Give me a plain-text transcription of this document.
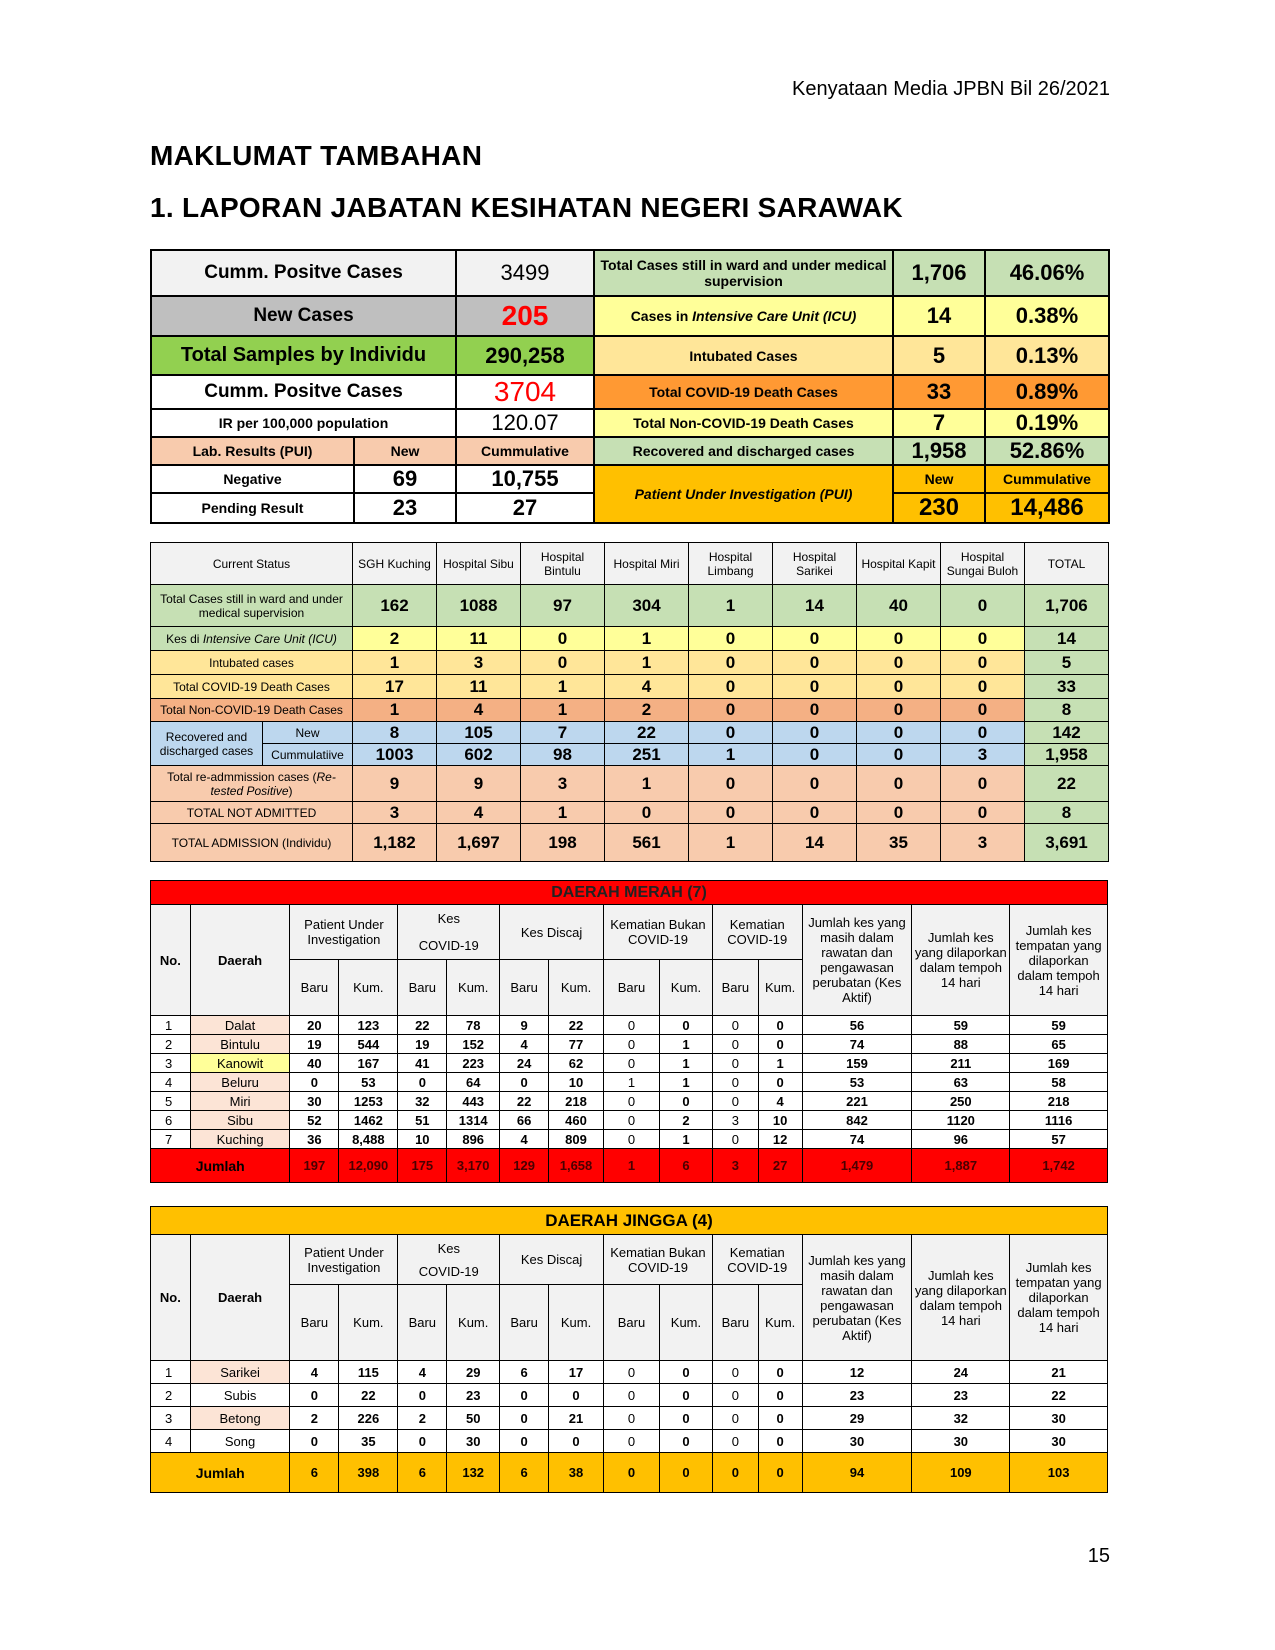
Kenyataan Media JPBN Bil 26/2021
MAKLUMAT TAMBAHAN
1. LAPORAN JABATAN KESIHATAN NEGERI SARAWAK
Cumm. Positve Cases		3499	Total Cases still in ward and under medical supervision	1,706	46.06%
New Cases		205	Cases in Intensive Care Unit (ICU)	14	0.38%
Total Samples by Individu		290,258	Intubated Cases	5	0.13%
Cumm. Positve Cases		3704	Total COVID-19 Death Cases	33	0.89%
IR per 100,000 population		120.07	Total Non-COVID-19 Death Cases	7	0.19%
Lab. Results (PUI)	New	Cummulative	Recovered and discharged cases	1,958	52.86%
Negative	69	10,755	Patient Under Investigation (PUI)	New	Cummulative
Pending Result	23	27		230	14,486
Current Status		SGH Kuching	Hospital Sibu	Hospital Bintulu	Hospital Miri	Hospital Limbang	Hospital Sarikei	Hospital Kapit	Hospital Sungai Buloh	TOTAL
Total Cases still in ward and under medical supervision		162	1088	97	304	1	14	40	0	1,706
Kes di Intensive Care Unit (ICU)		2	11	0	1	0	0	0	0	14
Intubated cases		1	3	0	1	0	0	0	0	5
Total COVID-19 Death Cases		17	11	1	4	0	0	0	0	33
Total Non-COVID-19 Death Cases		1	4	1	2	0	0	0	0	8
Recovered and discharged cases	New	8	105	7	22	0	0	0	0	142
	Cummulatiive	1003	602	98	251	1	0	0	3	1,958
Total re-admmission cases (Re-tested Positive)		9	9	3	1	0	0	0	0	22
TOTAL NOT ADMITTED		3	4	1	0	0	0	0	0	8
TOTAL ADMISSION (Individu)		1,182	1,697	198	561	1	14	35	3	3,691
DAERAH MERAH (7)														
No.	Daerah	Patient Under Investigation		Kes
COVID-19		Kes Discaj		Kematian Bukan COVID-19		Kematian COVID-19		Jumlah kes yang masih dalam rawatan dan pengawasan perubatan (Kes Aktif)	Jumlah kes yang dilaporkan dalam tempoh 14 hari	Jumlah kes tempatan yang dilaporkan dalam tempoh 14 hari
		Baru	Kum.	Baru	Kum.	Baru	Kum.	Baru	Kum.	Baru	Kum.			
1	Dalat	20	123	22	78	9	22	0	0	0	0	56	59	59
2	Bintulu	19	544	19	152	4	77	0	1	0	0	74	88	65
3	Kanowit	40	167	41	223	24	62	0	1	0	1	159	211	169
4	Beluru	0	53	0	64	0	10	1	1	0	0	53	63	58
5	Miri	30	1253	32	443	22	218	0	0	0	4	221	250	218
6	Sibu	52	1462	51	1314	66	460	0	2	3	10	842	1120	1116
7	Kuching	36	8,488	10	896	4	809	0	1	0	12	74	96	57
Jumlah		197	12,090	175	3,170	129	1,658	1	6	3	27	1,479	1,887	1,742
DAERAH JINGGA (4)														
No.	Daerah	Patient Under Investigation		Kes
COVID-19		Kes Discaj		Kematian Bukan COVID-19		Kematian COVID-19		Jumlah kes yang masih dalam rawatan dan pengawasan perubatan (Kes Aktif)	Jumlah kes yang dilaporkan dalam tempoh 14 hari	Jumlah kes tempatan yang dilaporkan dalam tempoh 14 hari
		Baru	Kum.	Baru	Kum.	Baru	Kum.	Baru	Kum.	Baru	Kum.			
1	Sarikei	4	115	4	29	6	17	0	0	0	0	12	24	21
2	Subis	0	22	0	23	0	0	0	0	0	0	23	23	22
3	Betong	2	226	2	50	0	21	0	0	0	0	29	32	30
4	Song	0	35	0	30	0	0	0	0	0	0	30	30	30
Jumlah		6	398	6	132	6	38	0	0	0	0	94	109	103
15
